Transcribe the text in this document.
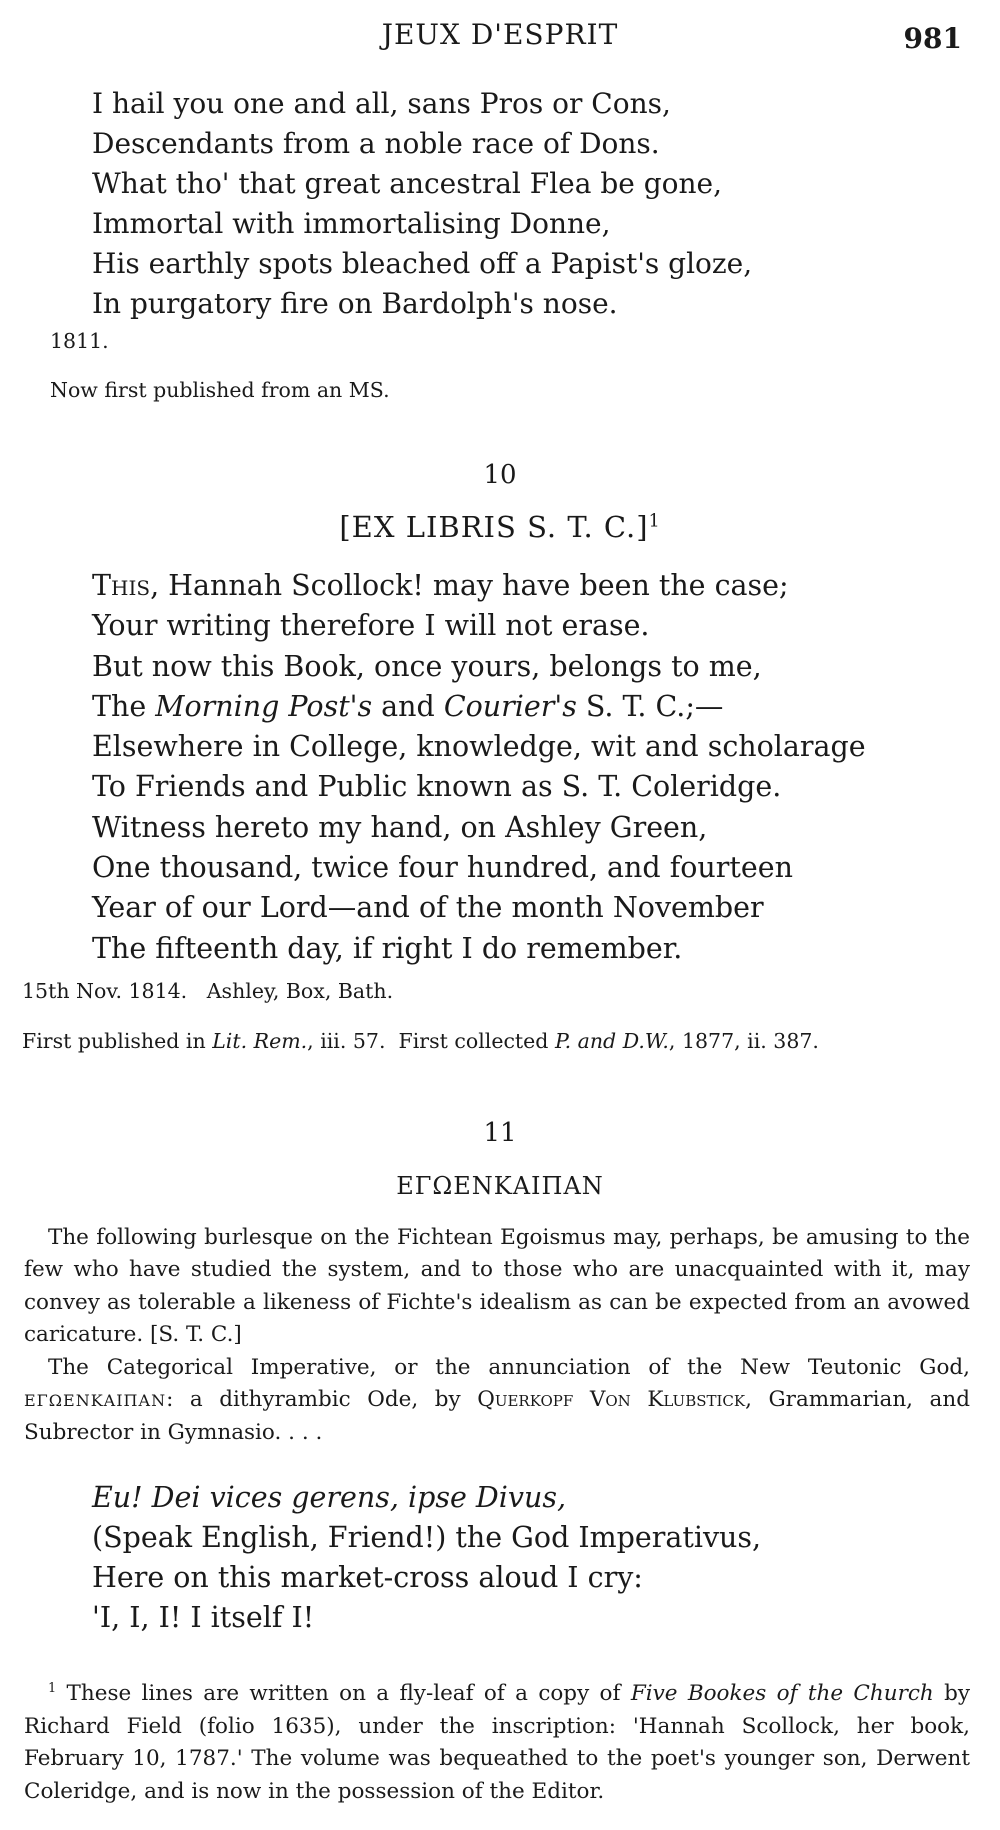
JEUX D'ESPRIT	981
I hail you one and all, sans Pros or Cons,
Descendants from a noble race of Dons.
What tho' that great ancestral Flea be gone,
Immortal with immortalising Donne,
His earthly spots bleached off a Papist's gloze,
In purgatory fire on Bardolph's nose.
1811.
Now first published from an MS.
10
[EX LIBRIS S. T. C.]$^1$
This, Hannah Scollock! may have been the case;
Your writing therefore I will not erase.
But now this Book, once yours, belongs to me,
The Morning Post's and Courier's S. T. C.;—
Elsewhere in College, knowledge, wit and scholarage
To Friends and Public known as S. T. Coleridge.
Witness hereto my hand, on Ashley Green,
One thousand, twice four hundred, and fourteen
Year of our Lord—and of the month November
The fifteenth day, if right I do remember.
15th Nov. 1814.   Ashley, Box, Bath.
First published in Lit. Rem., iii. 57.  First collected P. and D.W., 1877, ii. 387.
11
ΕΓΩΕΝΚΑΙΠΑΝ

The following burlesque on the Fichtean Egoismus may, perhaps, be amusing to the few who have studied the system, and to those who are unacquainted with it, may convey as tolerable a likeness of Fichte's idealism as can be expected from an avowed caricature. [S. T. C.]

The Categorical Imperative, or the annunciation of the New Teutonic God, ΕΓΩΕΝΚΑΙΠΑΝ: a dithyrambic Ode, by Querkopf Von Klubstick, Grammarian, and Subrector in Gymnasio. . . .

Eu! Dei vices gerens, ipse Divus,
(Speak English, Friend!) the God Imperativus,
Here on this market-cross aloud I cry:
'I, I, I! I itself I!

$^1$ These lines are written on a fly-leaf of a copy of Five Bookes of the Church by Richard Field (folio 1635), under the inscription: 'Hannah Scollock, her book, February 10, 1787.' The volume was bequeathed to the poet's younger son, Derwent Coleridge, and is now in the possession of the Editor.
